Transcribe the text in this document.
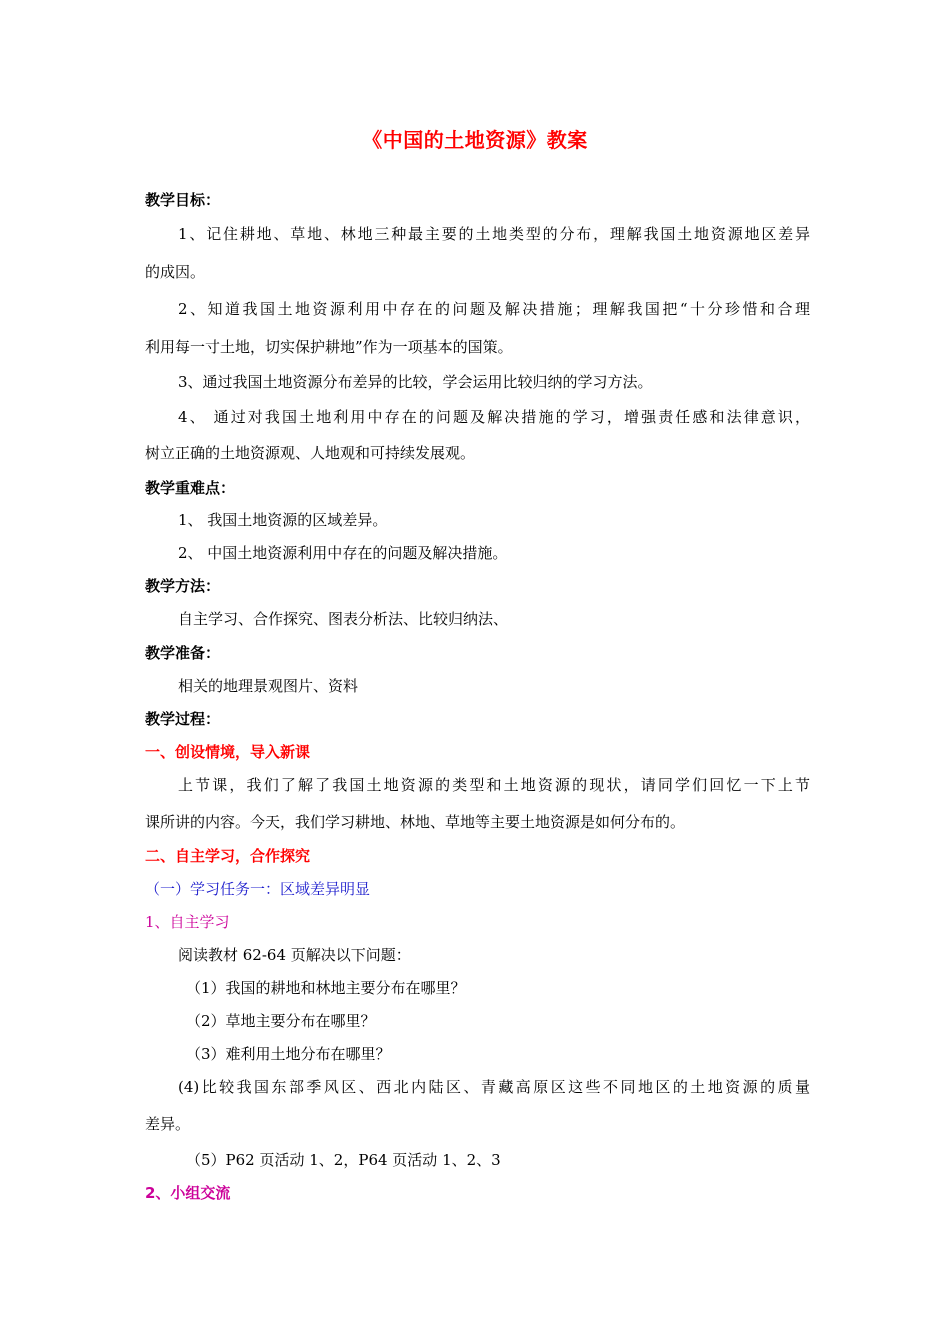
《中国的土地资源》教案
教学目标：
1、记住耕地、草地、林地三种最主要的土地类型的分布，理解我国土地资源地区差异
的成因。
2、知道我国土地资源利用中存在的问题及解决措施；理解我国把“十分珍惜和合理
利用每一寸土地，切实保护耕地”作为一项基本的国策。
3、通过我国土地资源分布差异的比较，学会运用比较归纳的学习方法。
4、 通过对我国土地利用中存在的问题及解决措施的学习，增强责任感和法律意识，
树立正确的土地资源观、人地观和可持续发展观。
教学重难点：
1、 我国土地资源的区域差异。
2、 中国土地资源利用中存在的问题及解决措施。
教学方法：
自主学习、合作探究、图表分析法、比较归纳法、
教学准备：
相关的地理景观图片、资料
教学过程：
一、创设情境，导入新课
上节课，我们了解了我国土地资源的类型和土地资源的现状，请同学们回忆一下上节
课所讲的内容。今天，我们学习耕地、林地、草地等主要土地资源是如何分布的。
二、自主学习，合作探究
（一）学习任务一：区域差异明显
1、自主学习
阅读教材 62-64 页解决以下问题：
（1）我国的耕地和林地主要分布在哪里？
（2）草地主要分布在哪里？
（3）难利用土地分布在哪里？
(4)比较我国东部季风区、西北内陆区、青藏高原区这些不同地区的土地资源的质量
差异。
（5）P62 页活动 1、2，P64 页活动 1、2、3
2、小组交流
